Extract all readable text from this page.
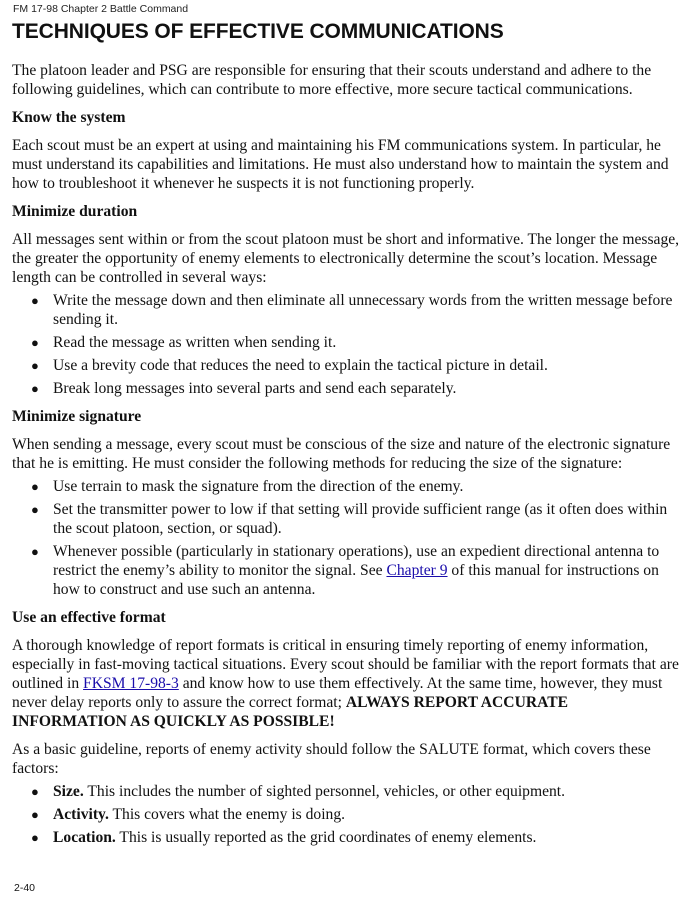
FM 17-98 Chapter 2 Battle Command
TECHNIQUES OF EFFECTIVE COMMUNICATIONS

The platoon leader and PSG are responsible for ensuring that their scouts understand and adhere to the following guidelines, which can contribute to more effective, more secure tactical communications.

Know the system

Each scout must be an expert at using and maintaining his FM communications system. In particular, he must understand its capabilities and limitations. He must also understand how to maintain the system and how to troubleshoot it whenever he suspects it is not functioning properly.

Minimize duration

All messages sent within or from the scout platoon must be short and informative. The longer the message, the greater the opportunity of enemy elements to electronically determine the scout’s location. Message length can be controlled in several ways:

● Write the message down and then eliminate all unnecessary words from the written message before sending it.
● Read the message as written when sending it.
● Use a brevity code that reduces the need to explain the tactical picture in detail.
● Break long messages into several parts and send each separately.
Minimize signature

When sending a message, every scout must be conscious of the size and nature of the electronic signature that he is emitting. He must consider the following methods for reducing the size of the signature:

● Use terrain to mask the signature from the direction of the enemy.
● Set the transmitter power to low if that setting will provide sufficient range (as it often does within the scout platoon, section, or squad).
● Whenever possible (particularly in stationary operations), use an expedient directional antenna to restrict the enemy’s ability to monitor the signal. See Chapter 9 of this manual for instructions on how to construct and use such an antenna.
Use an effective format

A thorough knowledge of report formats is critical in ensuring timely reporting of enemy information, especially in fast-moving tactical situations. Every scout should be familiar with the report formats that are outlined in FKSM 17-98-3 and know how to use them effectively. At the same time, however, they must never delay reports only to assure the correct format; ALWAYS REPORT ACCURATE INFORMATION AS QUICKLY AS POSSIBLE!

As a basic guideline, reports of enemy activity should follow the SALUTE format, which covers these factors:

● Size. This includes the number of sighted personnel, vehicles, or other equipment.
● Activity. This covers what the enemy is doing.
● Location. This is usually reported as the grid coordinates of enemy elements.
2-40
